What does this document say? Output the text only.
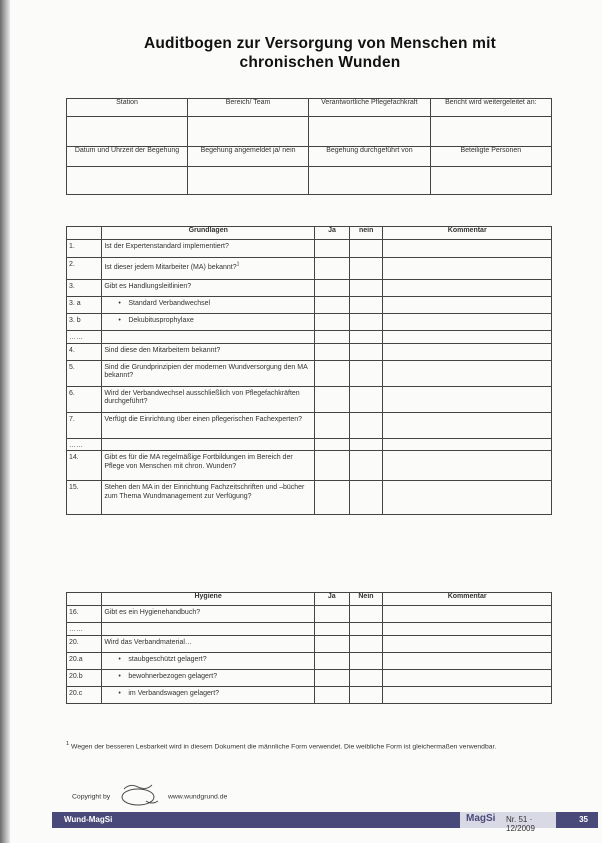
Auditbogen zur Versorgung von Menschen mit
chronischen Wunden
Station	Bereich/ Team	Verantwortliche Pflegefachkraft	Bericht wird weitergeleitet an:

Datum und Uhrzeit der Begehung	Begehung angemeldet ja/ nein	Begehung durchgeführt von	Beteiligte Personen

	Grundlagen	Ja	nein	Kommentar
1.	Ist der Expertenstandard implementiert?			
2.	Ist dieser jedem Mitarbeiter (MA) bekannt?$^1$			
3.	Gibt es Handlungsleitlinien?			
3. a	• Standard Verbandwechsel			
3. b	• Dekubitusprophylaxe			
……				
4.	Sind diese den Mitarbeitern bekannt?			
5.	Sind die Grundprinzipien der modernen Wundversorgung den MA bekannt?			
6.	Wird der Verbandwechsel ausschließlich von Pflegefachkräften durchgeführt?			
7.	Verfügt die Einrichtung über einen pflegerischen Fachexperten?			
……				
14.	Gibt es für die MA regelmäßige Fortbildungen im Bereich der Pflege von Menschen mit chron. Wunden?			
15.	Stehen den MA in der Einrichtung Fachzeitschriften und –bücher zum Thema Wundmanagement zur Verfügung?			
	Hygiene	Ja	Nein	Kommentar
16.	Gibt es ein Hygienehandbuch?			
……				
20.	Wird das Verbandmaterial…			
20.a	• staubgeschützt gelagert?			
20.b	• bewohnerbezogen gelagert?			
20.c	• im Verbandswagen gelagert?			
$^1$ Wegen der besseren Lesbarkeit wird in diesem Dokument die männliche Form verwendet. Die weibliche Form ist gleichermaßen verwendbar.
Copyright by	www.wundgrund.de
Wund-MagSi	MagSi Nr. 51 · 12/2009
35
